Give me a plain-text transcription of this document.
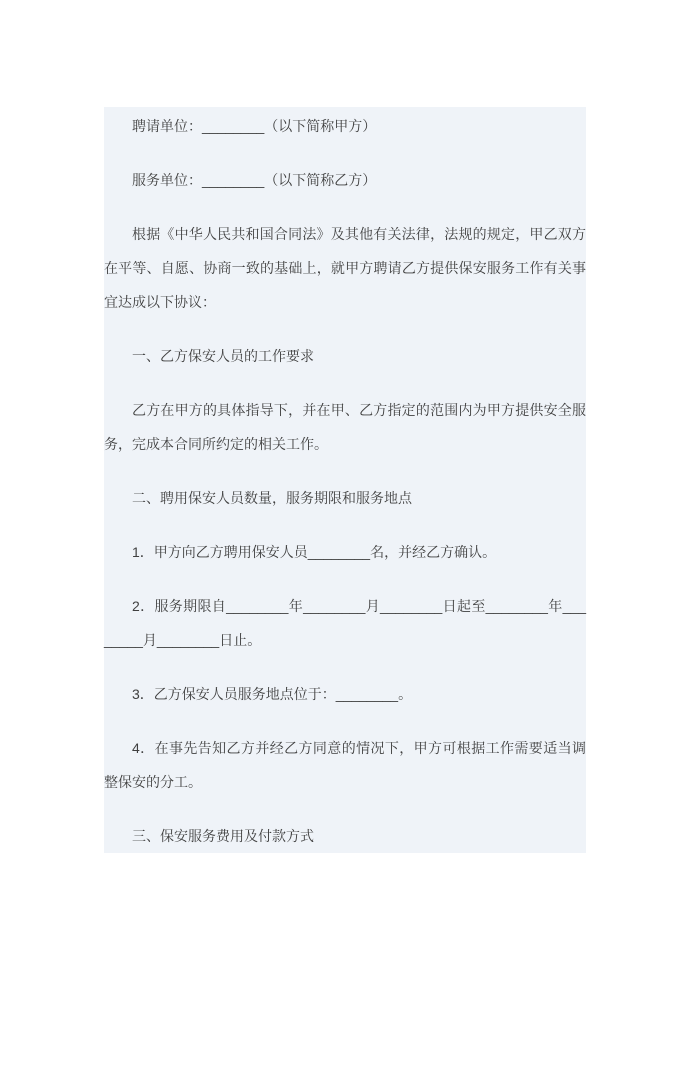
聘请单位：________（以下简称甲方）

服务单位：________（以下简称乙方）

根据《中华人民共和国合同法》及其他有关法律，法规的规定，甲乙双方在平等、自愿、协商一致的基础上，就甲方聘请乙方提供保安服务工作有关事宜达成以下协议：

一、乙方保安人员的工作要求

乙方在甲方的具体指导下，并在甲、乙方指定的范围内为甲方提供安全服务，完成本合同所约定的相关工作。

二、聘用保安人员数量，服务期限和服务地点

1．甲方向乙方聘用保安人员________名，并经乙方确认。

2．服务期限自________年________月________日起至________年________月________日止。

3．乙方保安人员服务地点位于：________。

4．在事先告知乙方并经乙方同意的情况下，甲方可根据工作需要适当调整保安的分工。

三、保安服务费用及付款方式
